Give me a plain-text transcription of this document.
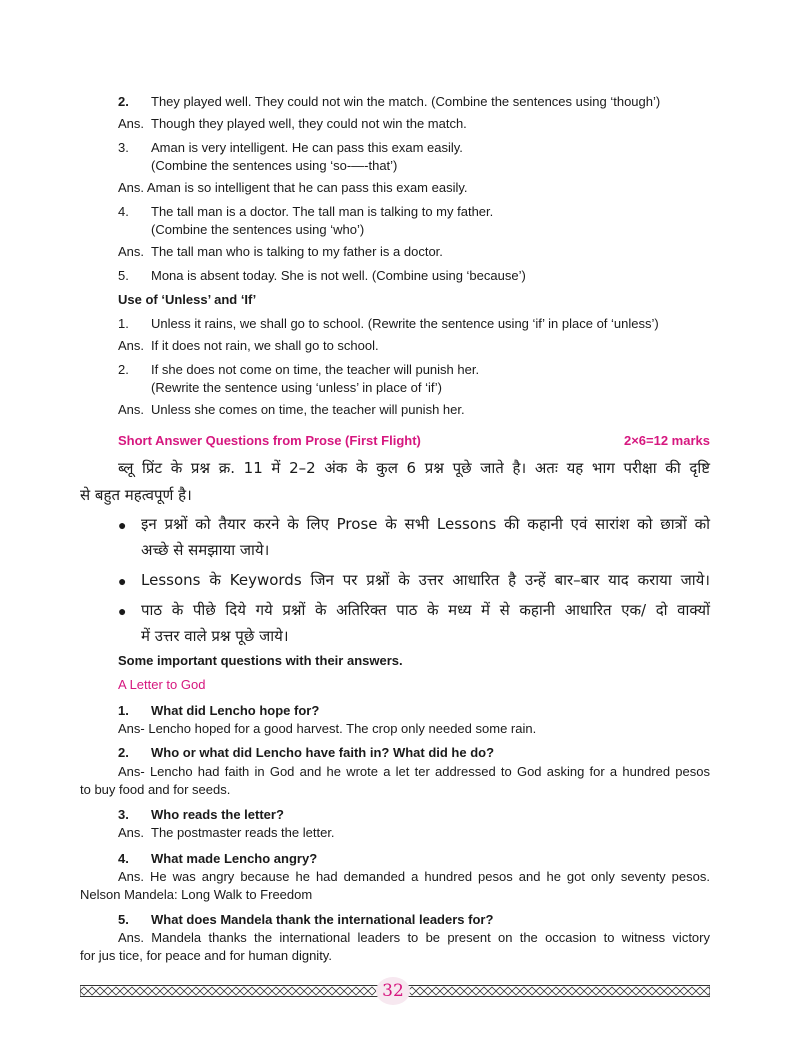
2.	They played well. They could not win the match. (Combine the sentences using ‘though’)
Ans. Though they played well, they could not win the match.
3.	Aman is very intelligent. He can pass this exam easily.
(Combine the sentences using ‘so-—-that’)
Ans. Aman is so intelligent that he can pass this exam easily.
4.	The tall man is a doctor. The tall man is talking to my father.
(Combine the sentences using ‘who’)
Ans. The tall man who is talking to my father is a doctor.
5.	Mona is absent today. She is not well. (Combine using ‘because’)
Use of ‘Unless’ and ‘If’
1.	Unless it rains, we shall go to school. (Rewrite the sentence using ‘if’ in place of ‘unless’)
Ans. If it does not rain, we shall go to school.
2.	If she does not come on time, the teacher will punish her.
(Rewrite the sentence using ‘unless’ in place of ‘if’)
Ans. Unless she comes on time, the teacher will punish her.
Short Answer Questions from Prose (First Flight)	2×6=12 marks
ब्लू प्रिंट के प्रश्न क्र. 11 में 2–2 अंक के कुल 6 प्रश्न पूछे जाते है। अतः यह भाग परीक्षा की दृष्टि
से बहुत महत्वपूर्ण है।
● इन प्रश्नों को तैयार करने के लिए Prose के सभी Lessons की कहानी एवं सारांश को छात्रों को
अच्छे से समझाया जाये।
● Lessons के Keywords जिन पर प्रश्नों के उत्तर आधारित है उन्हें बार–बार याद कराया जाये।
● पाठ के पीछे दिये गये प्रश्नों के अतिरिक्त पाठ के मध्य में से कहानी आधारित एक/ दो वाक्यों
में उत्तर वाले प्रश्न पूछे जाये।
Some important questions with their answers.
A Letter to God
1.	What did Lencho hope for?
Ans- Lencho hoped for a good harvest. The crop only needed some rain.
2.	Who or what did Lencho have faith in? What did he do?
Ans- Lencho had faith in God and he wrote a let ter addressed to God asking for a hundred pesos
to buy food and for seeds.
3.	Who reads the letter?
Ans. The postmaster reads the letter.
4.	What made Lencho angry?
Ans. He was angry because he had demanded a hundred pesos and he got only seventy pesos.
Nelson Mandela: Long Walk to Freedom
5.	What does Mandela thank the international leaders for?
Ans. Mandela thanks the international leaders to be present on the occasion to witness victory
for jus tice, for peace and for human dignity.
32
